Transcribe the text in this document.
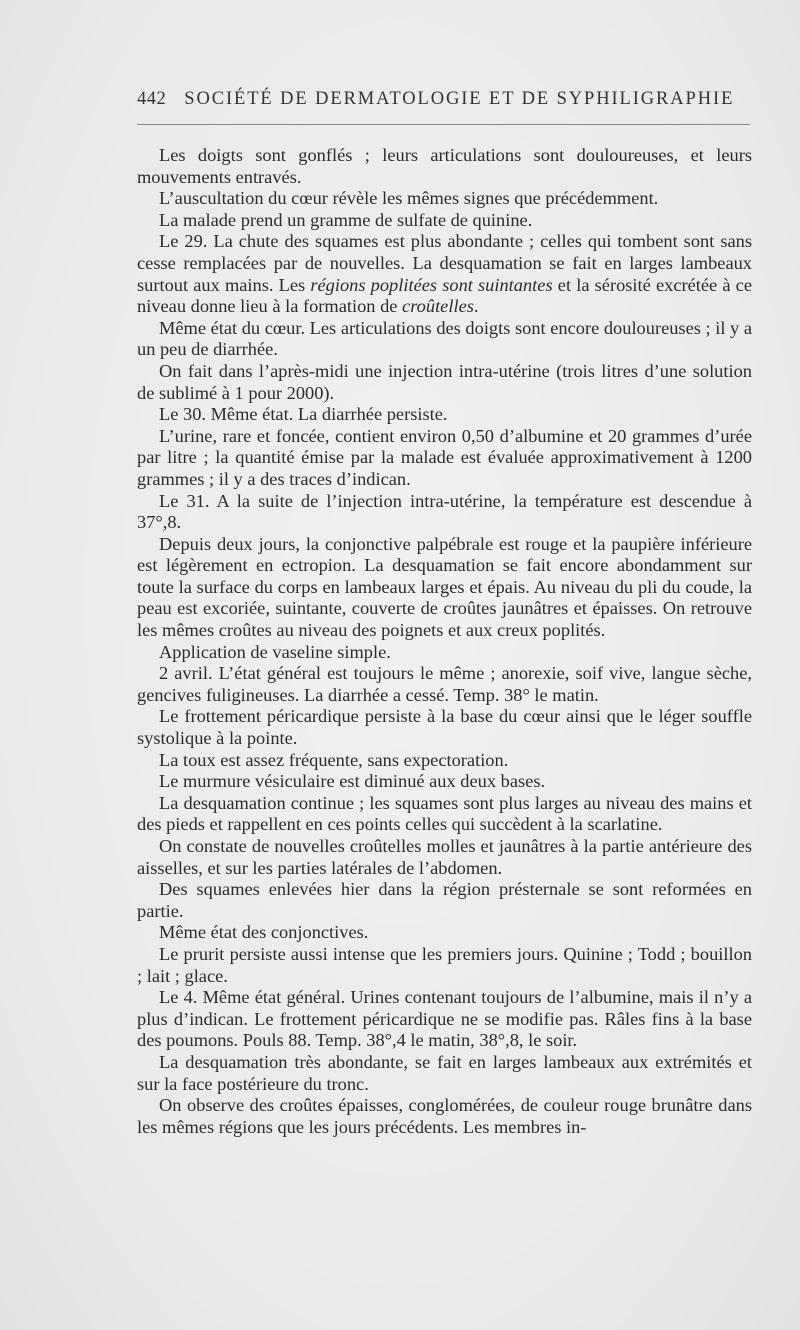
442 SOCIÉTÉ DE DERMATOLOGIE ET DE SYPHILIGRAPHIE

Les doigts sont gonflés ; leurs articulations sont douloureuses, et leurs mouvements entravés.

L’auscultation du cœur révèle les mêmes signes que précédemment.

La malade prend un gramme de sulfate de quinine.

Le 29. La chute des squames est plus abondante ; celles qui tombent sont sans cesse remplacées par de nouvelles. La desquamation se fait en larges lambeaux surtout aux mains. Les régions poplitées sont suintantes et la sérosité excrétée à ce niveau donne lieu à la formation de croûtelles.

Même état du cœur. Les articulations des doigts sont encore douloureuses ; il y a un peu de diarrhée.

On fait dans l’après-midi une injection intra-utérine (trois litres d’une solution de sublimé à 1 pour 2000).

Le 30. Même état. La diarrhée persiste.

L’urine, rare et foncée, contient environ 0,50 d’albumine et 20 grammes d’urée par litre ; la quantité émise par la malade est évaluée approximativement à 1200 grammes ; il y a des traces d’indican.

Le 31. A la suite de l’injection intra-utérine, la température est descendue à 37°,8.

Depuis deux jours, la conjonctive palpébrale est rouge et la paupière inférieure est légèrement en ectropion. La desquamation se fait encore abondamment sur toute la surface du corps en lambeaux larges et épais. Au niveau du pli du coude, la peau est excoriée, suintante, couverte de croûtes jaunâtres et épaisses. On retrouve les mêmes croûtes au niveau des poignets et aux creux poplités.

Application de vaseline simple.

2 avril. L’état général est toujours le même ; anorexie, soif vive, langue sèche, gencives fuligineuses. La diarrhée a cessé. Temp. 38° le matin.

Le frottement péricardique persiste à la base du cœur ainsi que le léger souffle systolique à la pointe.

La toux est assez fréquente, sans expectoration.

Le murmure vésiculaire est diminué aux deux bases.

La desquamation continue ; les squames sont plus larges au niveau des mains et des pieds et rappellent en ces points celles qui succèdent à la scarlatine.

On constate de nouvelles croûtelles molles et jaunâtres à la partie antérieure des aisselles, et sur les parties latérales de l’abdomen.

Des squames enlevées hier dans la région présternale se sont reformées en partie.

Même état des conjonctives.

Le prurit persiste aussi intense que les premiers jours. Quinine ; Todd ; bouillon ; lait ; glace.

Le 4. Même état général. Urines contenant toujours de l’albumine, mais il n’y a plus d’indican. Le frottement péricardique ne se modifie pas. Râles fins à la base des poumons. Pouls 88. Temp. 38°,4 le matin, 38°,8, le soir.

La desquamation très abondante, se fait en larges lambeaux aux extrémités et sur la face postérieure du tronc.

On observe des croûtes épaisses, conglomérées, de couleur rouge brunâtre dans les mêmes régions que les jours précédents. Les membres in-
